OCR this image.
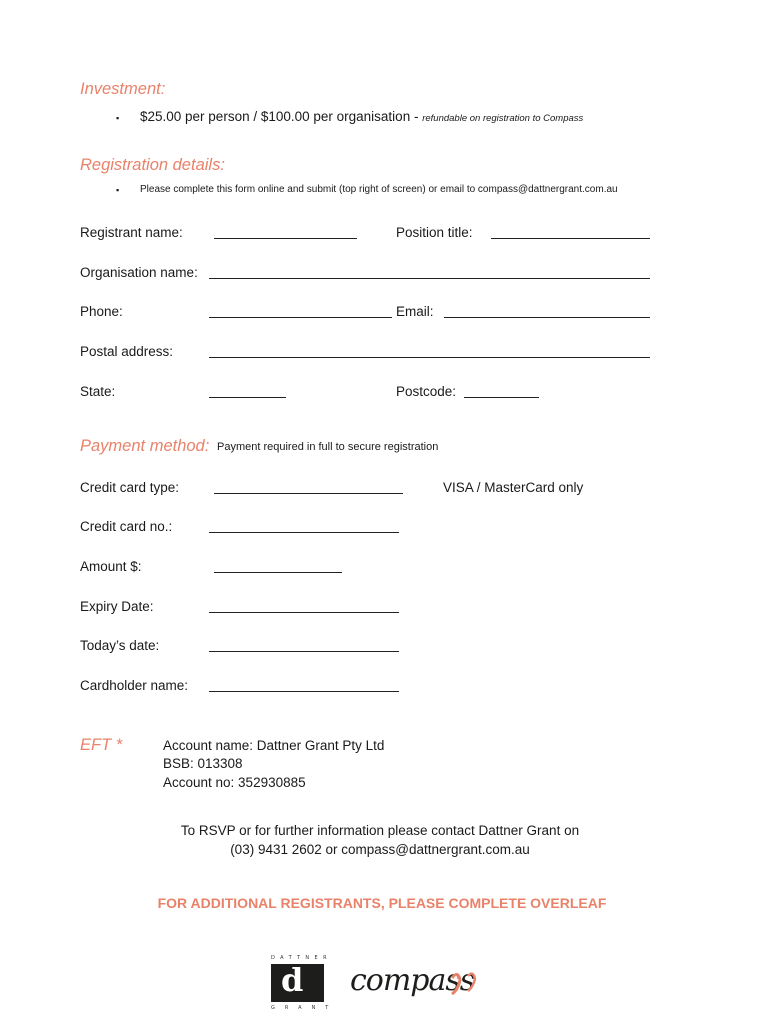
Investment:
▪ $25.00 per person / $100.00 per organisation - refundable on registration to Compass
Registration details:
▪ Please complete this form online and submit (top right of screen) or email to compass@dattnergrant.com.au
Registrant name:	Position title:
Organisation name:
Phone:	Email:
Postal address:
State:	Postcode:
Payment method: Payment required in full to secure registration
Credit card type:	VISA / MasterCard only
Credit card no.:
Amount $:
Expiry Date:
Today’s date:
Cardholder name:
EFT *	Account name: Dattner Grant Pty Ltd
BSB: 013308
Account no: 352930885
To RSVP or for further information please contact Dattner Grant on
(03) 9431 2602 or compass@dattnergrant.com.au
FOR ADDITIONAL REGISTRANTS, PLEASE COMPLETE OVERLEAF
DATTNER
d
GRANT
compass
